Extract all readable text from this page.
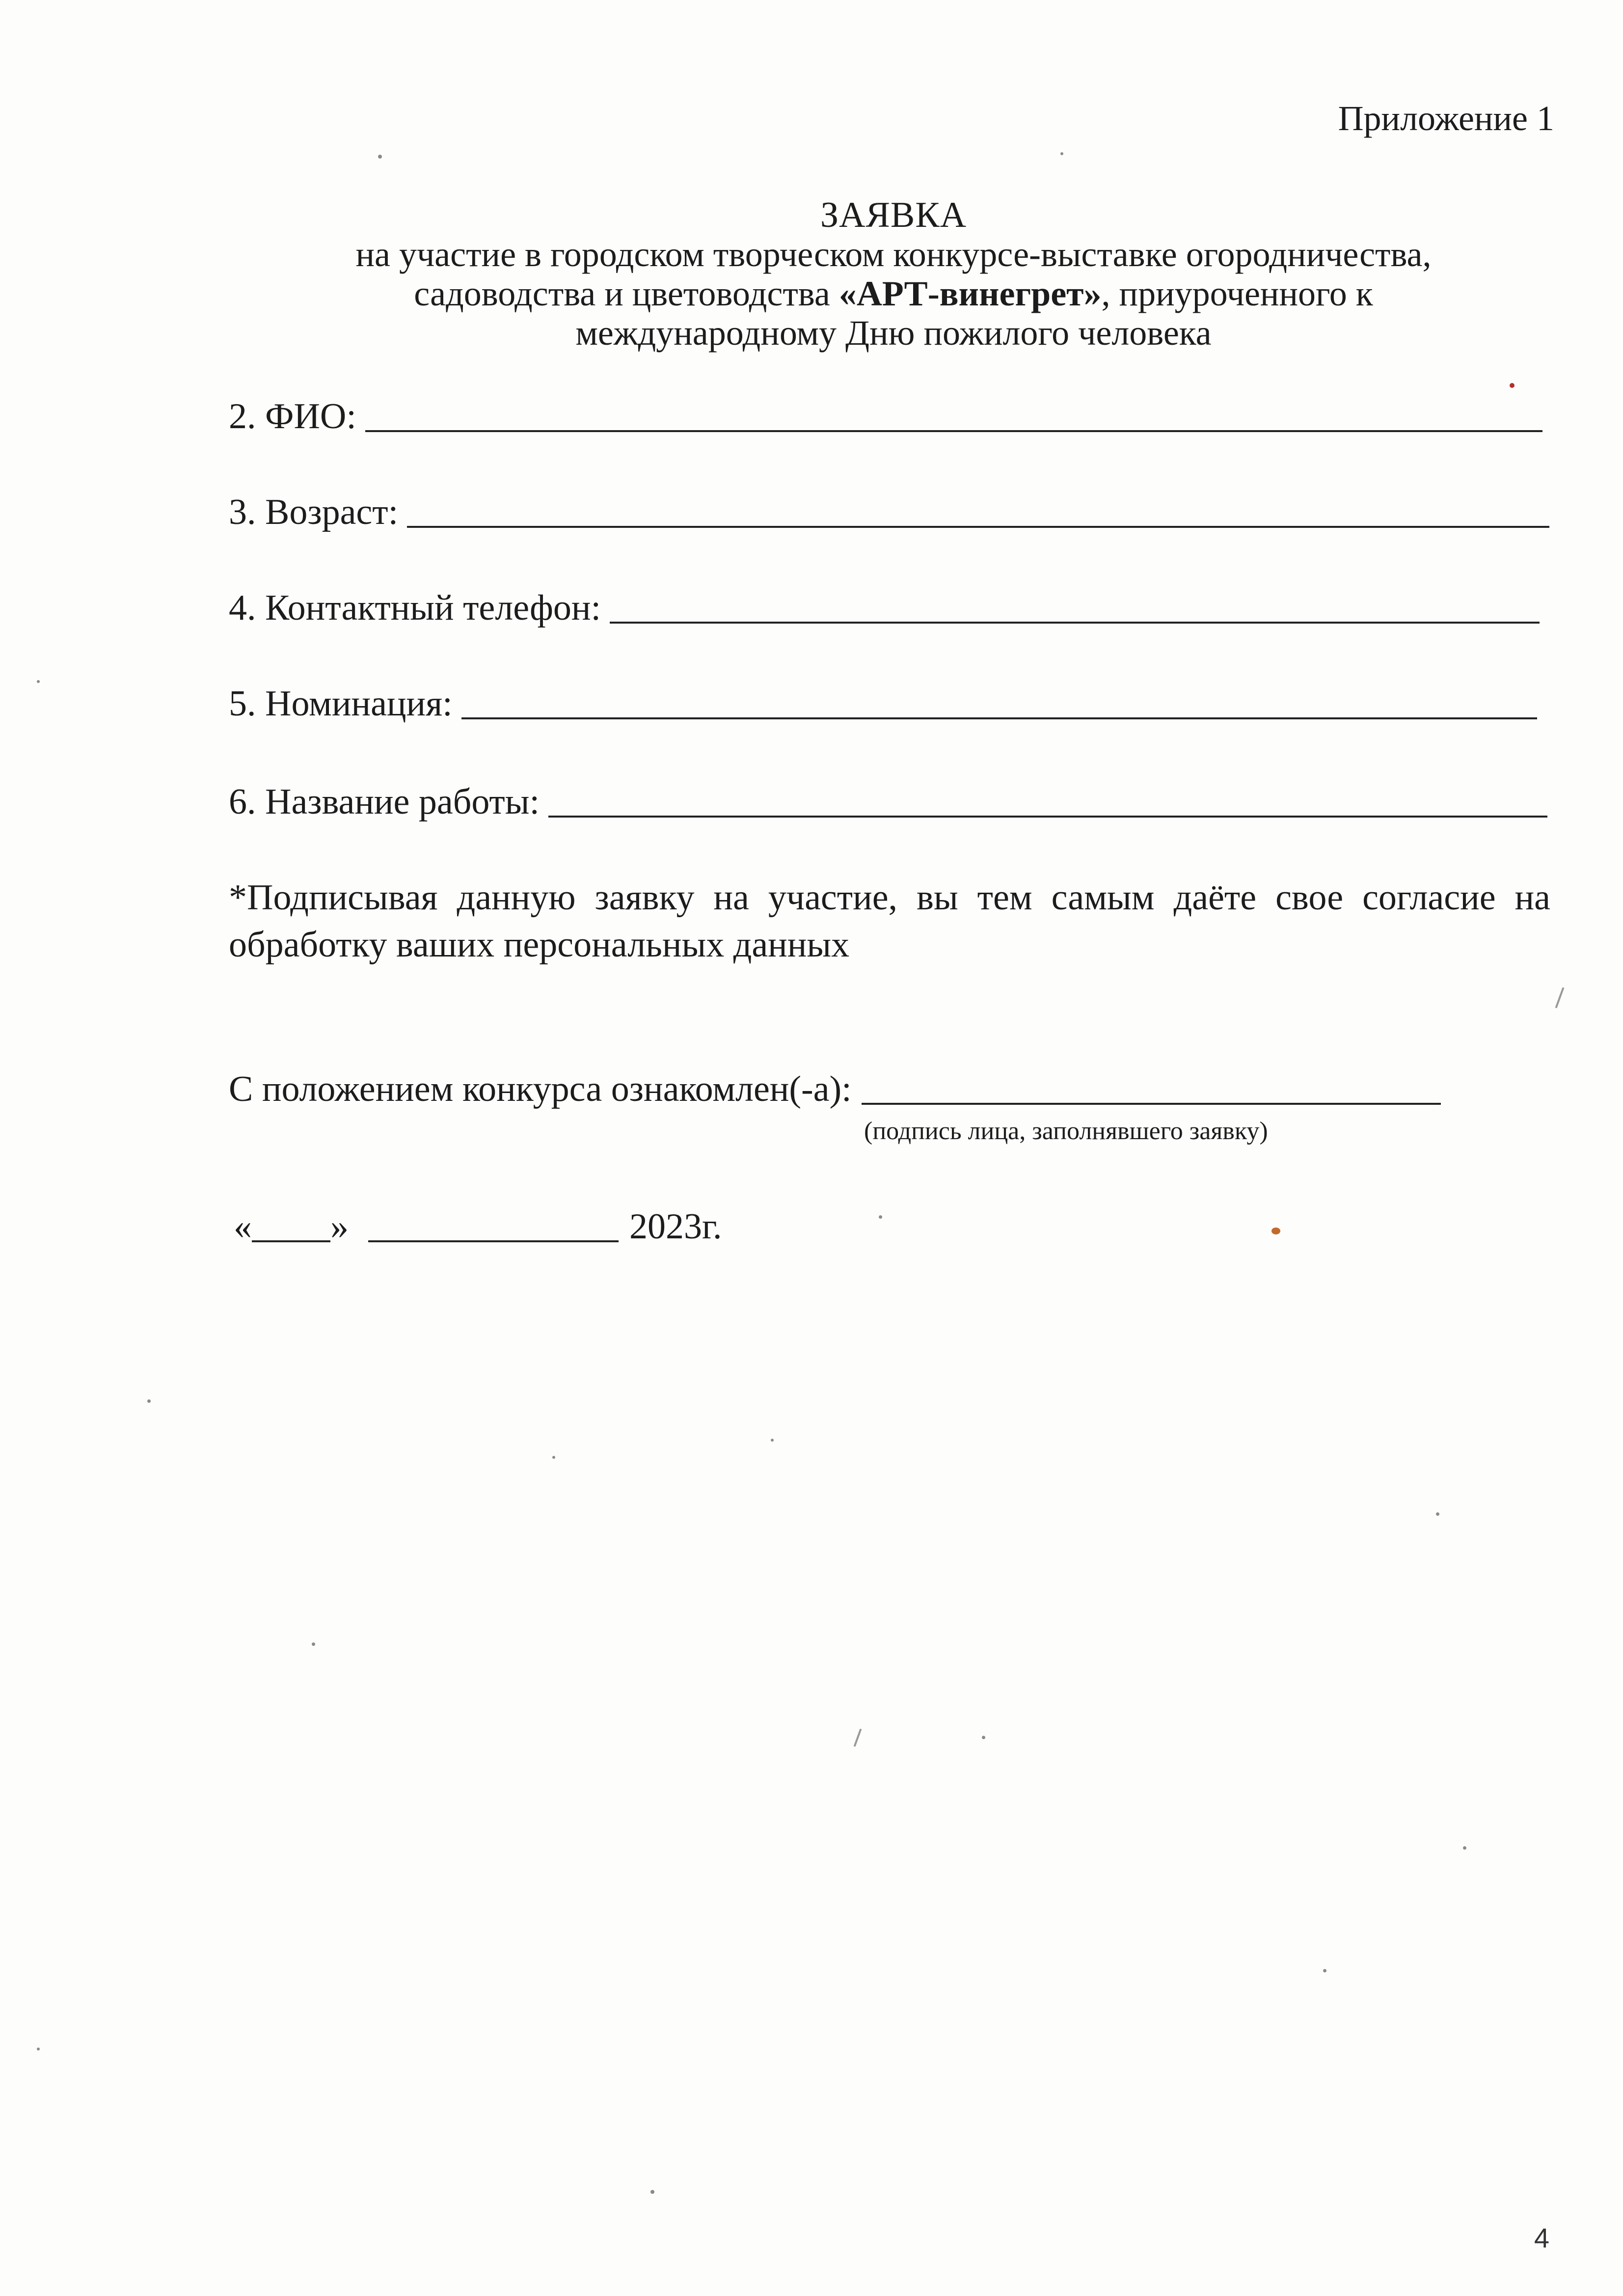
Приложение 1
ЗАЯВКА
на участие в городском творческом конкурсе-выставке огородничества,
садоводства и цветоводства «АРТ-винегрет», приуроченного к
международному Дню пожилого человека
2. ФИО:
3. Возраст:
4. Контактный телефон:
5. Номинация:
6. Название работы:
*Подписывая данную заявку на участие, вы тем самым даёте свое согласие на обработку ваших персональных данных
С положением конкурса ознакомлен(-а):
(подпись лица, заполнявшего заявку)
« »	2023г.
4
